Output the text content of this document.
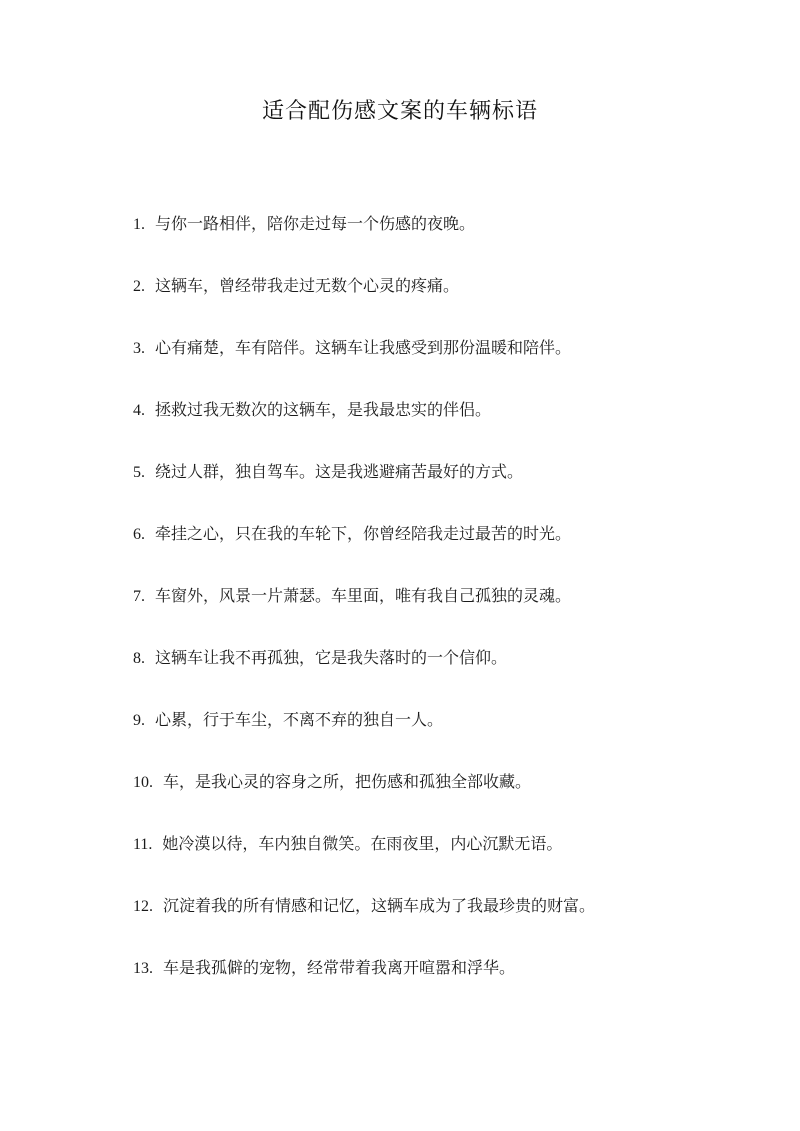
适合配伤感文案的车辆标语
1. 与你一路相伴，陪你走过每一个伤感的夜晚。
2. 这辆车，曾经带我走过无数个心灵的疼痛。
3. 心有痛楚，车有陪伴。这辆车让我感受到那份温暖和陪伴。
4. 拯救过我无数次的这辆车，是我最忠实的伴侣。
5. 绕过人群，独自驾车。这是我逃避痛苦最好的方式。
6. 牵挂之心，只在我的车轮下，你曾经陪我走过最苦的时光。
7. 车窗外，风景一片萧瑟。车里面，唯有我自己孤独的灵魂。
8. 这辆车让我不再孤独，它是我失落时的一个信仰。
9. 心累，行于车尘，不离不弃的独自一人。
10. 车，是我心灵的容身之所，把伤感和孤独全部收藏。
11. 她冷漠以待，车内独自微笑。在雨夜里，内心沉默无语。
12. 沉淀着我的所有情感和记忆，这辆车成为了我最珍贵的财富。
13. 车是我孤僻的宠物，经常带着我离开喧嚣和浮华。
